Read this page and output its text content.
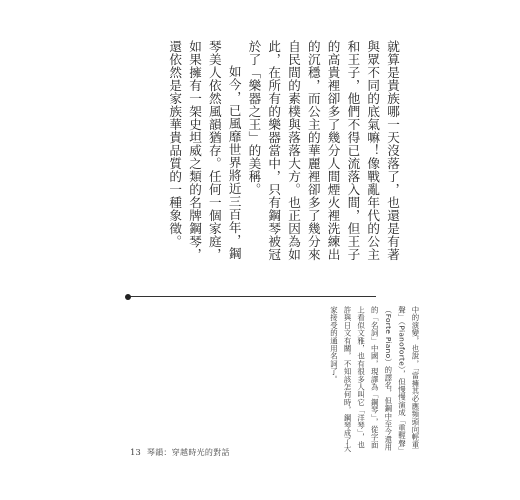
就算是貴族哪一天沒落了，也還是有著與眾不同的底氣嘛！像戰亂年代的公主和王子，他們不得已流落入間，但王子的高貴裡卻多了幾分人間煙火裡洗練出的沉穩，而公主的華麗裡卻多了幾分來自民間的素樸與落落大方。也正因為如此，在所有的樂器當中，只有鋼琴被冠於了「樂器之王」的美稱。

如今，已風靡世界將近三百年，鋼琴美人依然風韻猶存。任何一個家庭，如果擁有一架史坦威之類的名牌鋼琴，還依然是家族華貴品質的一種象徵。

中的演變，也說，「當擁其必應頻頭向輕重聲」（Pianoforte），但慢慢演成「重輕聲」（Forte Piano）的譯名，但鋼中至今還用的「名詞」中國，現譯為「鋼琴」，從字面上看似文雅，也有很多人叫它「洋琴」，也許與日文有關，不知該怎何時，鋼琴成了大家接受的通用名詞了。

13 琴韻：穿越時光的對話
